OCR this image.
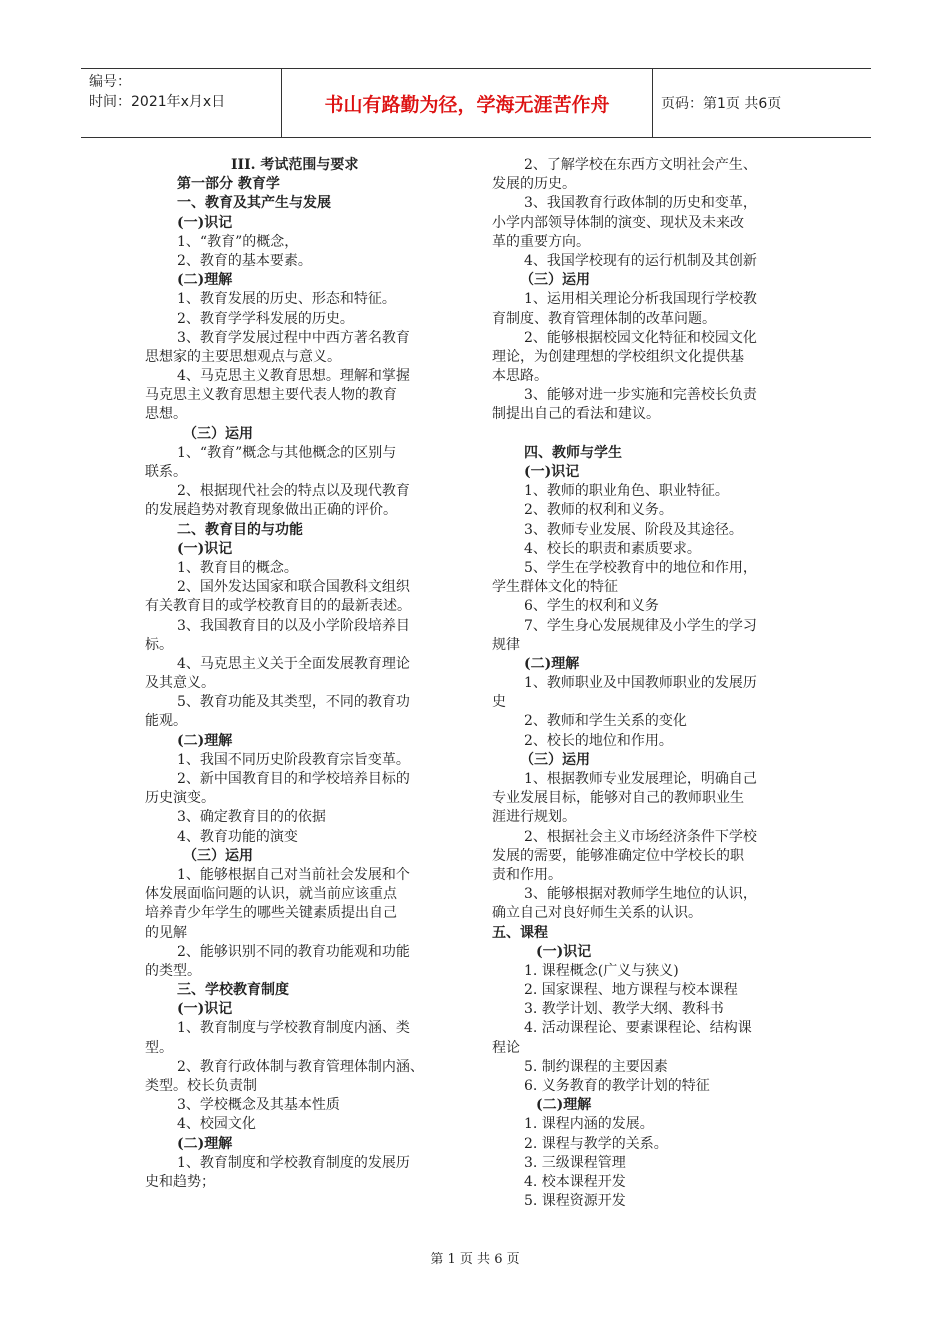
编号：
时间：2021年x月x日	书山有路勤为径，学海无涯苦作舟	页码：第1页 共6页
III. 考试范围与要求
第一部分 教育学
一、教育及其产生与发展
(一)识记
1、“教育”的概念，
2、教育的基本要素。
(二)理解
1、教育发展的历史、形态和特征。
2、教育学学科发展的历史。
3、教育学发展过程中中西方著名教育
思想家的主要思想观点与意义。
4、马克思主义教育思想。理解和掌握
马克思主义教育思想主要代表人物的教育
思想。
（三）运用
1、“教育”概念与其他概念的区别与
联系。
2、根据现代社会的特点以及现代教育
的发展趋势对教育现象做出正确的评价。
二、教育目的与功能
(一)识记
1、教育目的概念。
2、国外发达国家和联合国教科文组织
有关教育目的或学校教育目的的最新表述。
3、我国教育目的以及小学阶段培养目
标。
4、马克思主义关于全面发展教育理论
及其意义。
5、教育功能及其类型，不同的教育功
能观。
(二)理解
1、我国不同历史阶段教育宗旨变革。
2、新中国教育目的和学校培养目标的
历史演变。
3、确定教育目的的依据
4、教育功能的演变
（三）运用
1、能够根据自己对当前社会发展和个
体发展面临问题的认识，就当前应该重点
培养青少年学生的哪些关键素质提出自己
的见解
2、能够识别不同的教育功能观和功能
的类型。
三、学校教育制度
(一)识记
1、教育制度与学校教育制度内涵、类
型。
2、教育行政体制与教育管理体制内涵、
类型。校长负责制
3、学校概念及其基本性质
4、校园文化
(二)理解
1、教育制度和学校教育制度的发展历
史和趋势；
2、了解学校在东西方文明社会产生、
发展的历史。
3、我国教育行政体制的历史和变革，
小学内部领导体制的演变、现状及未来改
革的重要方向。
4、我国学校现有的运行机制及其创新
（三）运用
1、运用相关理论分析我国现行学校教
育制度、教育管理体制的改革问题。
2、能够根据校园文化特征和校园文化
理论，为创建理想的学校组织文化提供基
本思路。
3、能够对进一步实施和完善校长负责
制提出自己的看法和建议。
四、教师与学生
(一)识记
1、教师的职业角色、职业特征。
2、教师的权利和义务。
3、教师专业发展、阶段及其途径。
4、校长的职责和素质要求。
5、学生在学校教育中的地位和作用，
学生群体文化的特征
6、学生的权利和义务
7、学生身心发展规律及小学生的学习
规律
(二)理解
1、教师职业及中国教师职业的发展历
史
2、教师和学生关系的变化
2、校长的地位和作用。
（三）运用
1、根据教师专业发展理论，明确自己
专业发展目标，能够对自己的教师职业生
涯进行规划。
2、根据社会主义市场经济条件下学校
发展的需要，能够准确定位中学校长的职
责和作用。
3、能够根据对教师学生地位的认识，
确立自己对良好师生关系的认识。
五、课程
(一)识记
1. 课程概念(广义与狭义)
2. 国家课程、地方课程与校本课程
3. 教学计划、教学大纲、教科书
4. 活动课程论、要素课程论、结构课
程论
5. 制约课程的主要因素
6. 义务教育的教学计划的特征
(二)理解
1. 课程内涵的发展。
2. 课程与教学的关系。
3. 三级课程管理
4. 校本课程开发
5. 课程资源开发
第 1 页 共 6 页
